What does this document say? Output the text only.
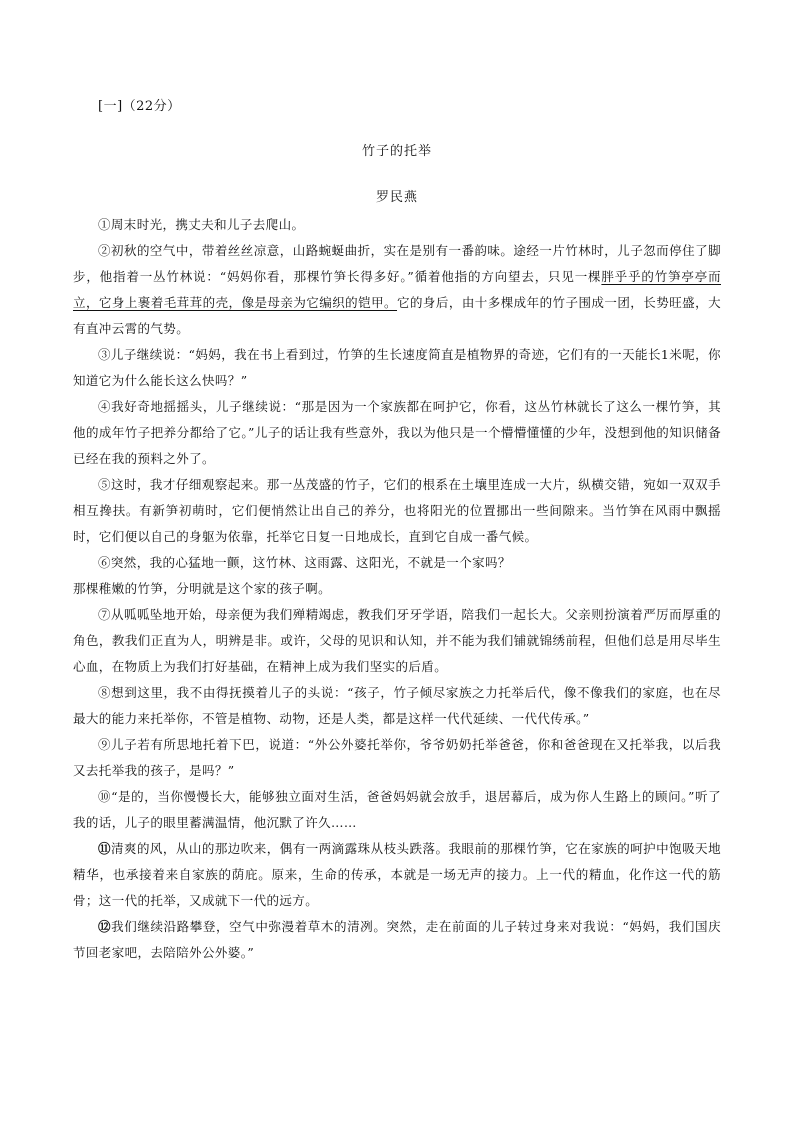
[一]（22分）
竹子的托举
罗民燕

①周末时光，携丈夫和儿子去爬山。

②初秋的空气中，带着丝丝凉意，山路蜿蜒曲折，实在是别有一番韵味。途经一片竹林时，儿子忽而停住了脚步，他指着一丛竹林说：“妈妈你看，那棵竹笋长得多好。”循着他指的方向望去，只见一棵胖乎乎的竹笋亭亭而立，它身上裹着毛茸茸的壳，像是母亲为它编织的铠甲。它的身后，由十多棵成年的竹子围成一团，长势旺盛，大有直冲云霄的气势。

③儿子继续说：“妈妈，我在书上看到过，竹笋的生长速度简直是植物界的奇迹，它们有的一天能长1米呢，你知道它为什么能长这么快吗？”

④我好奇地摇摇头，儿子继续说：“那是因为一个家族都在呵护它，你看，这丛竹林就长了这么一棵竹笋，其他的成年竹子把养分都给了它。”儿子的话让我有些意外，我以为他只是一个懵懵懂懂的少年，没想到他的知识储备已经在我的预料之外了。

⑤这时，我才仔细观察起来。那一丛茂盛的竹子，它们的根系在土壤里连成一大片，纵横交错，宛如一双双手相互搀扶。有新笋初萌时，它们便悄然让出自己的养分，也将阳光的位置挪出一些间隙来。当竹笋在风雨中飘摇时，它们便以自己的身躯为依靠，托举它日复一日地成长，直到它自成一番气候。

⑥突然，我的心猛地一颤，这竹林、这雨露、这阳光，不就是一个家吗？

那棵稚嫩的竹笋，分明就是这个家的孩子啊。

⑦从呱呱坠地开始，母亲便为我们殚精竭虑，教我们牙牙学语，陪我们一起长大。父亲则扮演着严厉而厚重的角色，教我们正直为人，明辨是非。或许，父母的见识和认知，并不能为我们铺就锦绣前程，但他们总是用尽毕生心血，在物质上为我们打好基础，在精神上成为我们坚实的后盾。

⑧想到这里，我不由得抚摸着儿子的头说：“孩子，竹子倾尽家族之力托举后代，像不像我们的家庭，也在尽最大的能力来托举你，不管是植物、动物，还是人类，都是这样一代代延续、一代代传承。”

⑨儿子若有所思地托着下巴，说道：“外公外婆托举你，爷爷奶奶托举爸爸，你和爸爸现在又托举我，以后我又去托举我的孩子，是吗？”

⑩“是的，当你慢慢长大，能够独立面对生活，爸爸妈妈就会放手，退居幕后，成为你人生路上的顾问。”听了我的话，儿子的眼里蓄满温情，他沉默了许久……

⑪清爽的风，从山的那边吹来，偶有一两滴露珠从枝头跌落。我眼前的那棵竹笋，它在家族的呵护中饱吸天地精华，也承接着来自家族的荫庇。原来，生命的传承，本就是一场无声的接力。上一代的精血，化作这一代的筋骨；这一代的托举，又成就下一代的远方。

⑫我们继续沿路攀登，空气中弥漫着草木的清冽。突然，走在前面的儿子转过身来对我说：“妈妈，我们国庆节回老家吧，去陪陪外公外婆。”
